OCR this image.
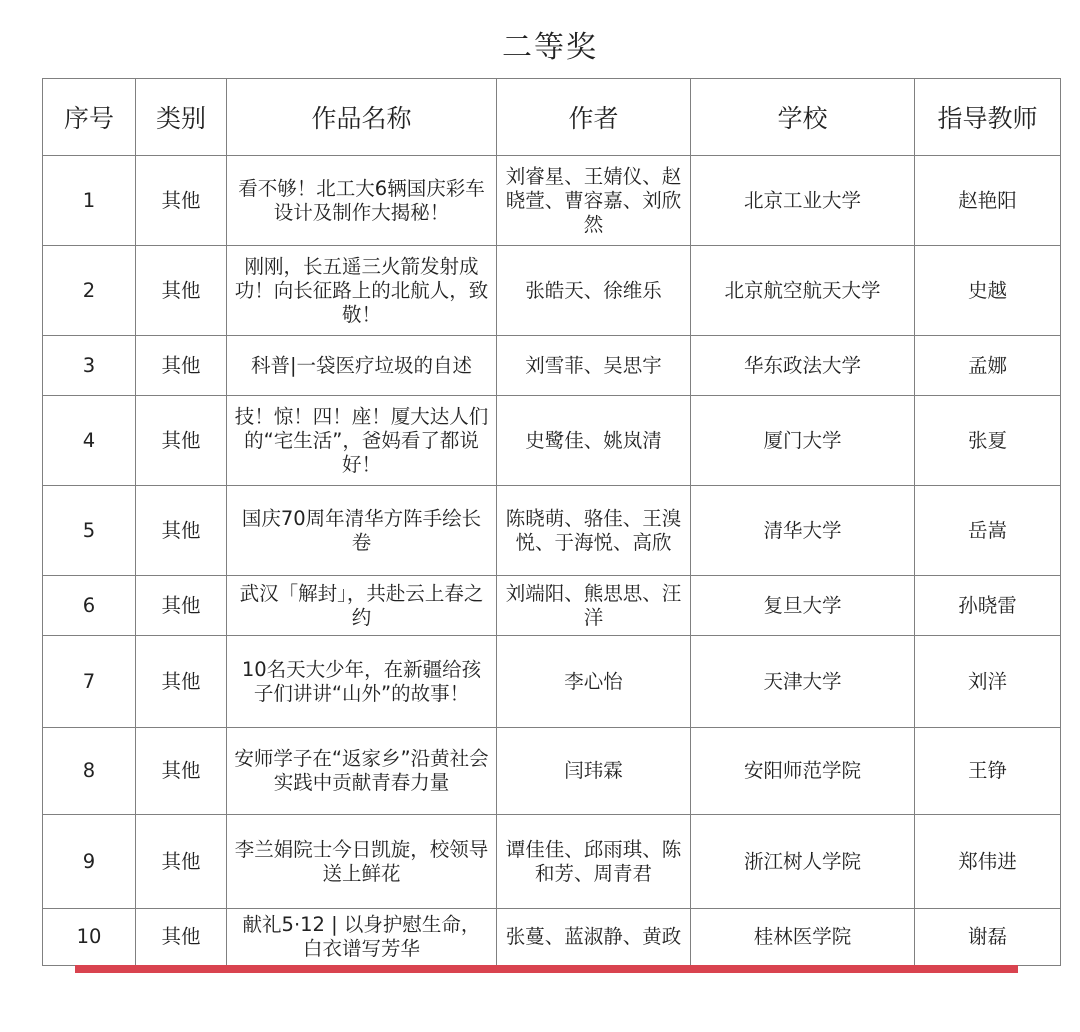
二等奖
序号	类别	作品名称	作者	学校	指导教师
1	其他	看不够！北工大6辆国庆彩车设计及制作大揭秘！	刘睿星、王婧仪、赵晓萱、曹容嘉、刘欣然	北京工业大学	赵艳阳
2	其他	刚刚，长五遥三火箭发射成功！向长征路上的北航人，致敬！	张皓天、徐维乐	北京航空航天大学	史越
3	其他	科普|一袋医疗垃圾的自述	刘雪菲、吴思宇	华东政法大学	孟娜
4	其他	技！惊！四！座！厦大达人们的“宅生活”，爸妈看了都说好！	史鹭佳、姚岚清	厦门大学	张夏
5	其他	国庆70周年清华方阵手绘长卷	陈晓萌、骆佳、王溴悦、于海悦、高欣	清华大学	岳嵩
6	其他	武汉「解封」，共赴云上春之约	刘端阳、熊思思、汪洋	复旦大学	孙晓雷
7	其他	10名天大少年，在新疆给孩子们讲讲“山外”的故事！	李心怡	天津大学	刘洋
8	其他	安师学子在“返家乡”沿黄社会实践中贡献青春力量	闫玮霖	安阳师范学院	王铮
9	其他	李兰娟院士今日凯旋，校领导送上鲜花	谭佳佳、邱雨琪、陈和芳、周青君	浙江树人学院	郑伟进
10	其他	献礼5·12 | 以身护慰生命，白衣谱写芳华	张蔓、蓝淑静、黄政	桂林医学院	谢磊
